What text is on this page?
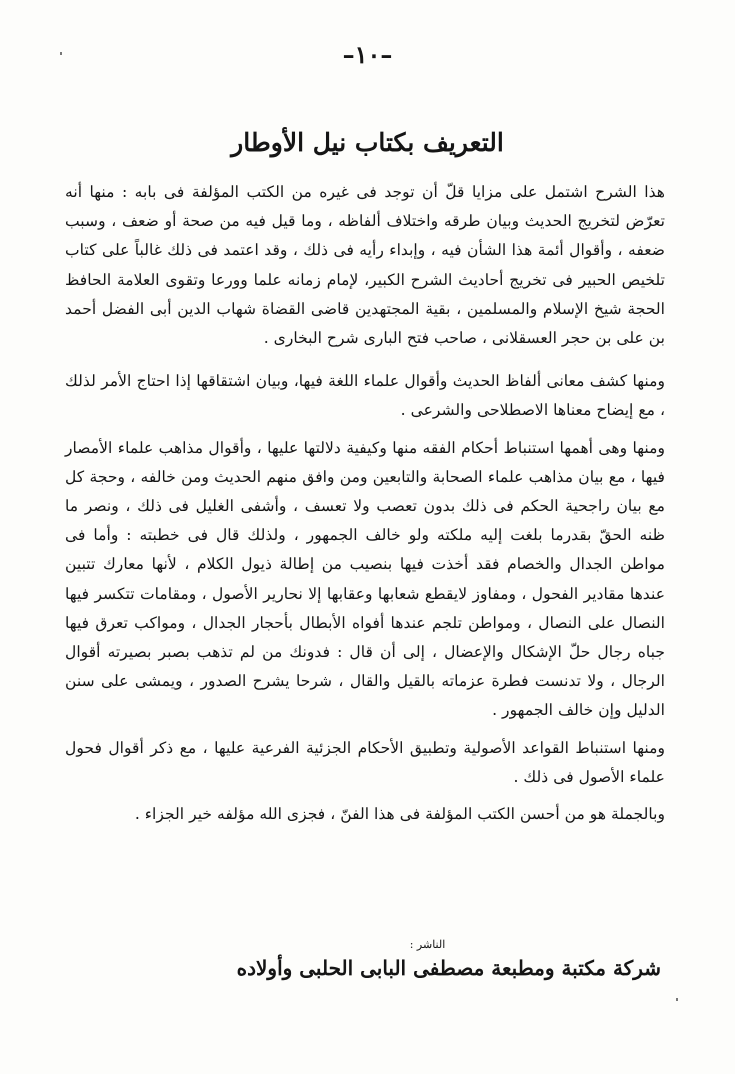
–١٠–
التعريف بكتاب نيل الأوطار

هذا الشرح اشتمل على مزايا قلّ أن توجد فى غيره من الكتب المؤلفة فى بابه : منها أنه تعرّض لتخريج الحديث وبيان طرقه واختلاف ألفاظه ، وما قيل فيه من صحة أو ضعف ، وسبب ضعفه ، وأقوال أئمة هذا الشأن فيه ، وإبداء رأيه فى ذلك ، وقد اعتمد فى ذلك غالباً على كتاب تلخيص الحبير فى تخريج أحاديث الشرح الكبير، لإمام زمانه علما وورعا وتقوى العلامة الحافظ الحجة شيخ الإسلام والمسلمين ، بقية المجتهدين قاضى القضاة شهاب الدين أبى الفضل أحمد بن على بن حجر العسقلانى ، صاحب فتح البارى شرح البخارى .

ومنها كشف معانى ألفاظ الحديث وأقوال علماء اللغة فيها، وبيان اشتقاقها إذا احتاج الأمر لذلك ، مع إيضاح معناها الاصطلاحى والشرعى .

ومنها وهى أهمها استنباط أحكام الفقه منها وكيفية دلالتها عليها ، وأقوال مذاهب علماء الأمصار فيها ، مع بيان مذاهب علماء الصحابة والتابعين ومن وافق منهم الحديث ومن خالفه ، وحجة كل مع بيان راجحية الحكم فى ذلك بدون تعصب ولا تعسف ، وأشفى الغليل فى ذلك ، ونصر ما ظنه الحقّ بقدرما بلغت إليه ملكته ولو خالف الجمهور ، ولذلك قال فى خطبته : وأما فى مواطن الجدال والخصام فقد أخذت فيها بنصيب من إطالة ذيول الكلام ، لأنها معارك تتبين عندها مقادير الفحول ، ومفاوز لايقطع شعابها وعقابها إلا نحارير الأصول ، ومقامات تتكسر فيها النصال على النصال ، ومواطن تلجم عندها أفواه الأبطال بأحجار الجدال ، ومواكب تعرق فيها جباه رجال حلّ الإشكال والإعضال ، إلى أن قال : فدونك من لم تذهب بصبر بصيرته أقوال الرجال ، ولا تدنست فطرة عزماته بالقيل والقال ، شرحا يشرح الصدور ، ويمشى على سنن الدليل وإن خالف الجمهور .

ومنها استنباط القواعد الأصولية وتطبيق الأحكام الجزئية الفرعية عليها ، مع ذكر أقوال فحول علماء الأصول فى ذلك .

وبالجملة هو من أحسن الكتب المؤلفة فى هذا الفنّ ، فجزى الله مؤلفه خير الجزاء .

الناشر :
شركة مكتبة ومطبعة مصطفى البابى الحلبى وأولاده
